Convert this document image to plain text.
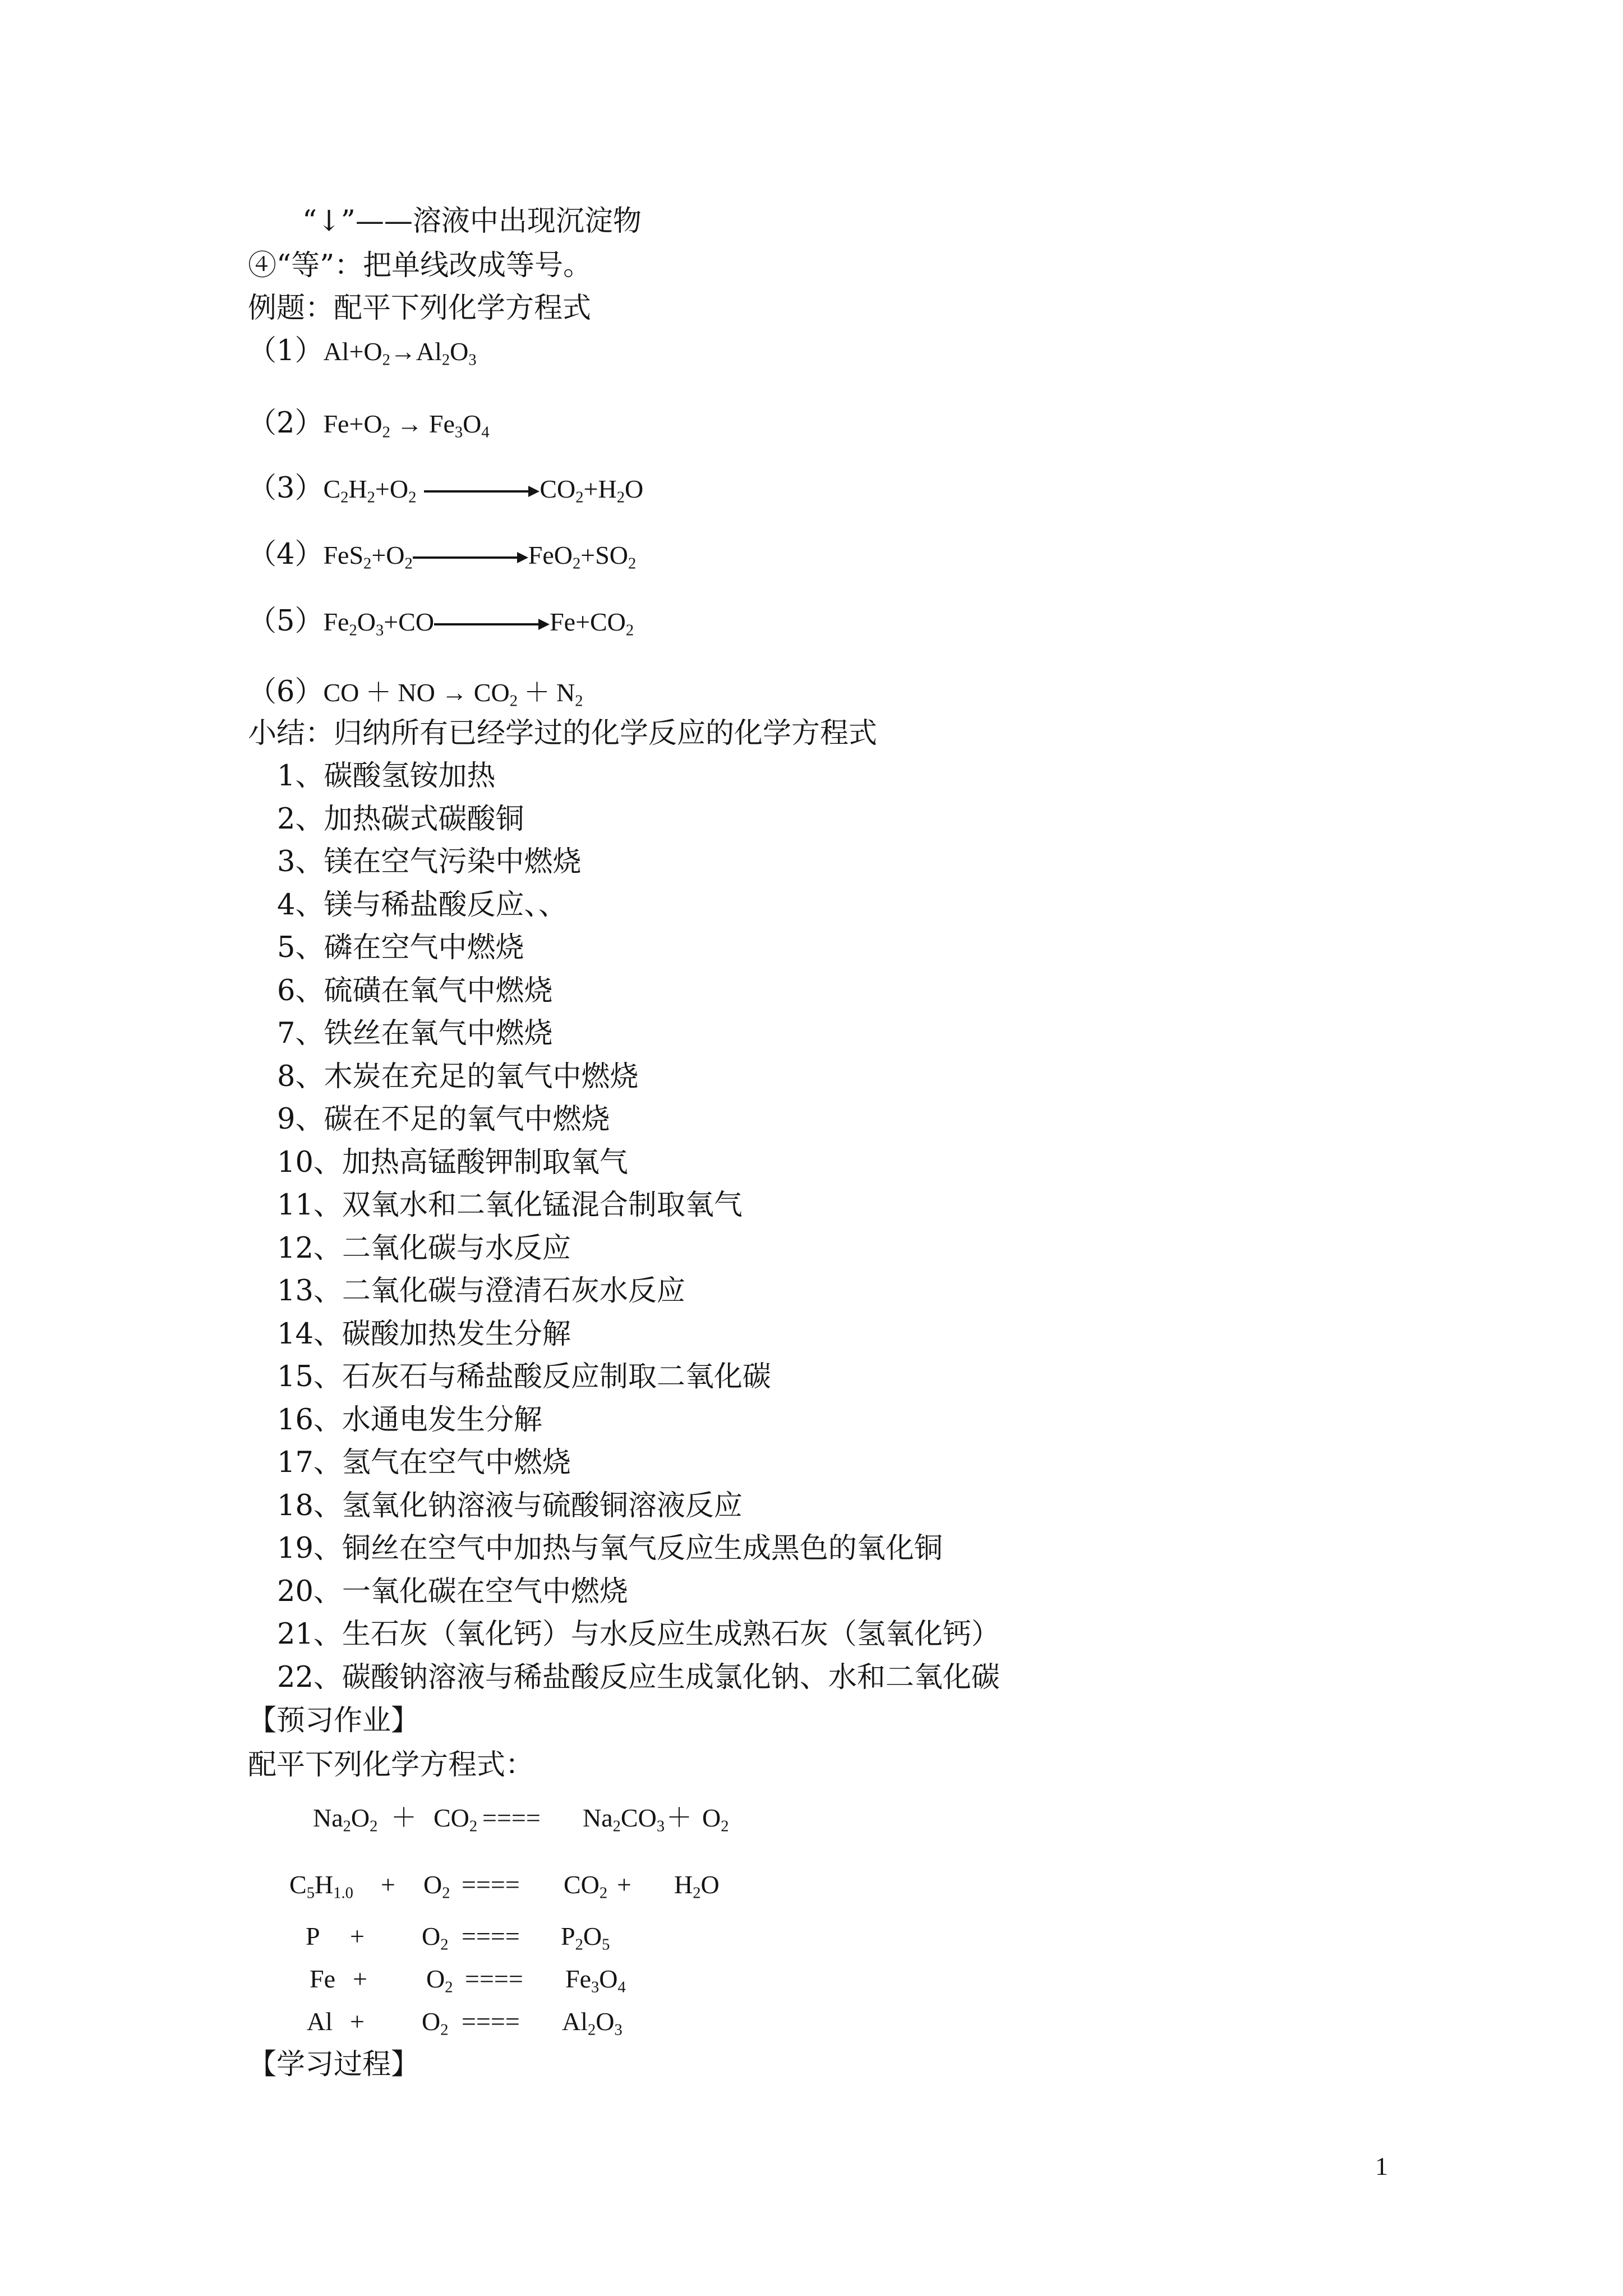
“↓”——溶液中出现沉淀物
④“等”：把单线改成等号。
例题：配平下列化学方程式
$(1)Al+O_2\to Al_2O_3$
$(2)Fe+O_2 \to Fe_3O_4$
$(3)C_2H_2+O_2$	$CO_2+H_2O$
$(4)FeS_2+O_2$	$FeO_2+SO_2$
$(5)Fe_2O_3+CO$	$Fe+CO_2$
（6）CO ＋ NO → $CO_2 + N_2$
小结：归纳所有已经学过的化学反应的化学方程式
1、碳酸氢铵加热
2、加热碳式碳酸铜
3、镁在空气污染中燃烧
4、镁与稀盐酸反应、、
5、磷在空气中燃烧
6、硫磺在氧气中燃烧
7、铁丝在氧气中燃烧
8、木炭在充足的氧气中燃烧
9、碳在不足的氧气中燃烧
10、加热高锰酸钾制取氧气
11、双氧水和二氧化锰混合制取氧气
12、二氧化碳与水反应
13、二氧化碳与澄清石灰水反应
14、碳酸加热发生分解
15、石灰石与稀盐酸反应制取二氧化碳
16、水通电发生分解
17、氢气在空气中燃烧
18、氢氧化钠溶液与硫酸铜溶液反应
19、铜丝在空气中加热与氧气反应生成黑色的氧化铜
20、一氧化碳在空气中燃烧
21、生石灰（氧化钙）与水反应生成熟石灰（氢氧化钙）
22、碳酸钠溶液与稀盐酸反应生成氯化钠、水和二氧化碳
【预习作业】
配平下列化学方程式：
$Na_2O_2 + CO_2$ ==== $Na_2CO_3 + O_2$
$C_5H_{1.0} + O_2$ ==== $CO_2 + H_2O$
$P + O_2$ ==== $P_2O_5$
$Fe + O_2$ ==== $Fe_3O_4$
$Al + O_2$ ==== $Al_2O_3$
【学习过程】
1
